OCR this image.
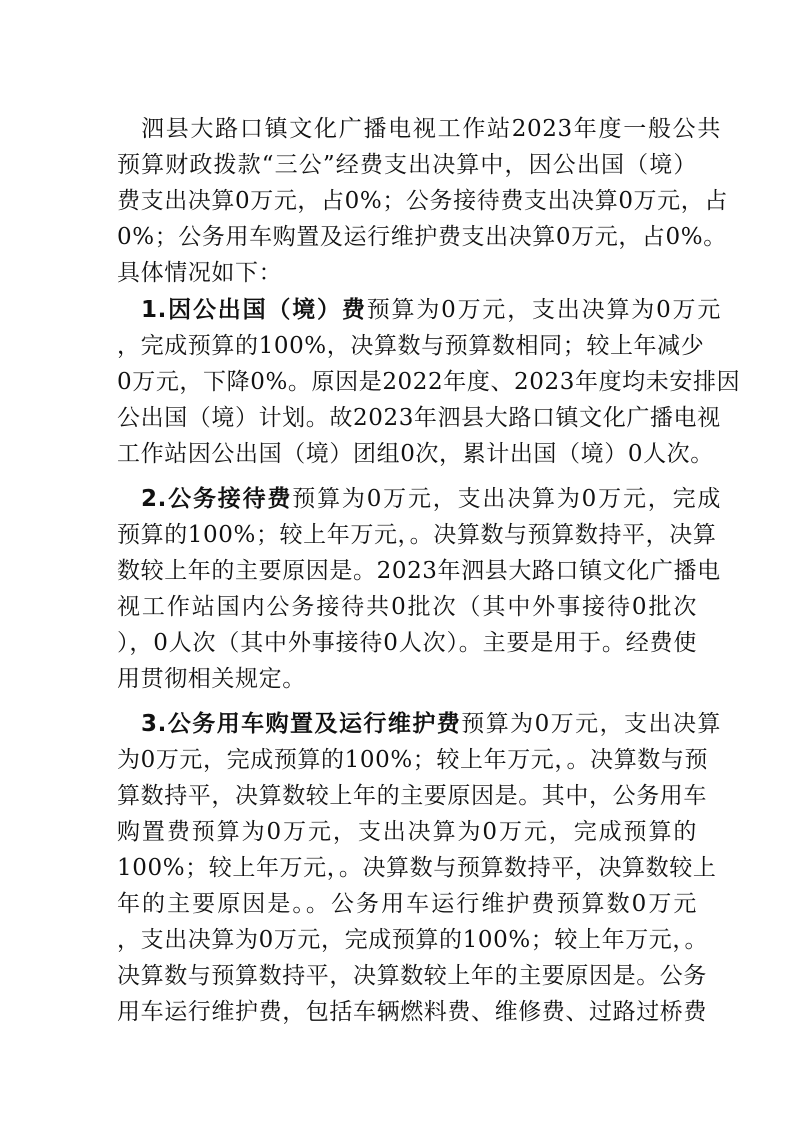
泗县大路口镇文化广播电视工作站2023年度一般公共
预算财政拨款“三公”经费支出决算中，因公出国（境）
费支出决算0万元，占0%；公务接待费支出决算0万元，占
0%；公务用车购置及运行维护费支出决算0万元，占0%。
具体情况如下：
1.因公出国（境）费预算为0万元，支出决算为0万元
，完成预算的100%，决算数与预算数相同；较上年减少
0万元，下降0%。原因是2022年度、2023年度均未安排因
公出国（境）计划。故2023年泗县大路口镇文化广播电视
工作站因公出国（境）团组0次，累计出国（境）0人次。
2.公务接待费预算为0万元，支出决算为0万元，完成
预算的100%；较上年万元，。决算数与预算数持平，决算
数较上年的主要原因是。2023年泗县大路口镇文化广播电
视工作站国内公务接待共0批次（其中外事接待0批次
），0人次（其中外事接待0人次）。主要是用于。经费使
用贯彻相关规定。
3.公务用车购置及运行维护费预算为0万元，支出决算
为0万元，完成预算的100%；较上年万元，。决算数与预
算数持平，决算数较上年的主要原因是。其中，公务用车
购置费预算为0万元，支出决算为0万元，完成预算的
100%；较上年万元，。决算数与预算数持平，决算数较上
年的主要原因是。。公务用车运行维护费预算数0万元
，支出决算为0万元，完成预算的100%；较上年万元，。
决算数与预算数持平，决算数较上年的主要原因是。公务
用车运行维护费，包括车辆燃料费、维修费、过路过桥费
